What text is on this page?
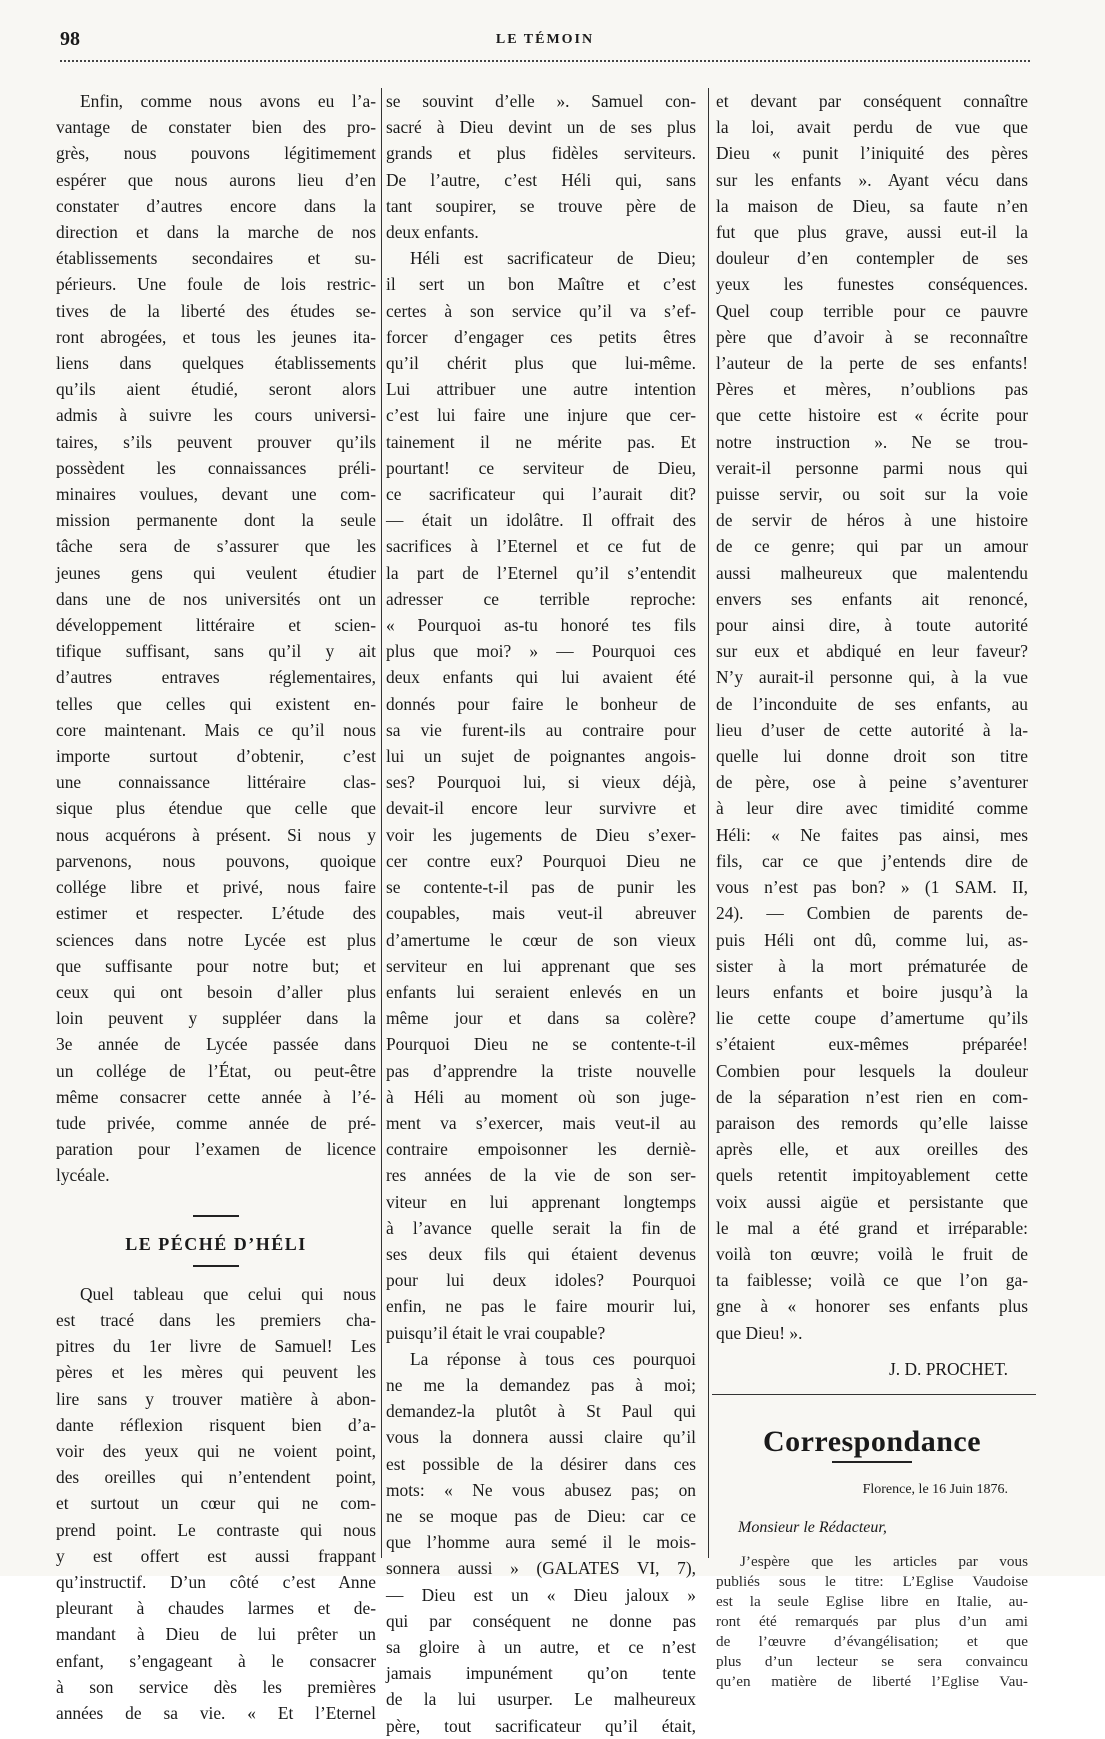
98	LE TÉMOIN
Enfin, comme nous avons eu l’a-
vantage de constater bien des pro-
grès, nous pouvons légitimement
espérer que nous aurons lieu d’en
constater d’autres encore dans la
direction et dans la marche de nos
établissements secondaires et su-
périeurs. Une foule de lois restric-
tives de la liberté des études se-
ront abrogées, et tous les jeunes ita-
liens dans quelques établissements
qu’ils aient étudié, seront alors
admis à suivre les cours universi-
taires, s’ils peuvent prouver qu’ils
possèdent les connaissances préli-
minaires voulues, devant une com-
mission permanente dont la seule
tâche sera de s’assurer que les
jeunes gens qui veulent étudier
dans une de nos universités ont un
développement littéraire et scien-
tifique suffisant, sans qu’il y ait
d’autres entraves réglementaires,
telles que celles qui existent en-
core maintenant. Mais ce qu’il nous
importe surtout d’obtenir, c’est
une connaissance littéraire clas-
sique plus étendue que celle que
nous acquérons à présent. Si nous y
parvenons, nous pouvons, quoique
collége libre et privé, nous faire
estimer et respecter. L’étude des
sciences dans notre Lycée est plus
que suffisante pour notre but; et
ceux qui ont besoin d’aller plus
loin peuvent y suppléer dans la
3e année de Lycée passée dans
un collége de l’État, ou peut-être
même consacrer cette année à l’é-
tude privée, comme année de pré-
paration pour l’examen de licence
lycéale.
LE PÉCHÉ D’HÉLI
Quel tableau que celui qui nous
est tracé dans les premiers cha-
pitres du 1er livre de Samuel! Les
pères et les mères qui peuvent les
lire sans y trouver matière à abon-
dante réflexion risquent bien d’a-
voir des yeux qui ne voient point,
des oreilles qui n’entendent point,
et surtout un cœur qui ne com-
prend point. Le contraste qui nous
y est offert est aussi frappant
qu’instructif. D’un côté c’est Anne
pleurant à chaudes larmes et de-
mandant à Dieu de lui prêter un
enfant, s’engageant à le consacrer
à son service dès les premières
années de sa vie. « Et l’Eternel
se souvint d’elle ». Samuel con-
sacré à Dieu devint un de ses plus
grands et plus fidèles serviteurs.
De l’autre, c’est Héli qui, sans
tant soupirer, se trouve père de
deux enfants.
Héli est sacrificateur de Dieu;
il sert un bon Maître et c’est
certes à son service qu’il va s’ef-
forcer d’engager ces petits êtres
qu’il chérit plus que lui-même.
Lui attribuer une autre intention
c’est lui faire une injure que cer-
tainement il ne mérite pas. Et
pourtant! ce serviteur de Dieu,
ce sacrificateur qui l’aurait dit?
— était un idolâtre. Il offrait des
sacrifices à l’Eternel et ce fut de
la part de l’Eternel qu’il s’entendit
adresser ce terrible reproche:
« Pourquoi as-tu honoré tes fils
plus que moi? » — Pourquoi ces
deux enfants qui lui avaient été
donnés pour faire le bonheur de
sa vie furent-ils au contraire pour
lui un sujet de poignantes angois-
ses? Pourquoi lui, si vieux déjà,
devait-il encore leur survivre et
voir les jugements de Dieu s’exer-
cer contre eux? Pourquoi Dieu ne
se contente-t-il pas de punir les
coupables, mais veut-il abreuver
d’amertume le cœur de son vieux
serviteur en lui apprenant que ses
enfants lui seraient enlevés en un
même jour et dans sa colère?
Pourquoi Dieu ne se contente-t-il
pas d’apprendre la triste nouvelle
à Héli au moment où son juge-
ment va s’exercer, mais veut-il au
contraire empoisonner les derniè-
res années de la vie de son ser-
viteur en lui apprenant longtemps
à l’avance quelle serait la fin de
ses deux fils qui étaient devenus
pour lui deux idoles? Pourquoi
enfin, ne pas le faire mourir lui,
puisqu’il était le vrai coupable?
La réponse à tous ces pourquoi
ne me la demandez pas à moi;
demandez-la plutôt à St Paul qui
vous la donnera aussi claire qu’il
est possible de la désirer dans ces
mots: « Ne vous abusez pas; on
ne se moque pas de Dieu: car ce
que l’homme aura semé il le mois-
sonnera aussi » (GALATES VI, 7),
— Dieu est un « Dieu jaloux »
qui par conséquent ne donne pas
sa gloire à un autre, et ce n’est
jamais impunément qu’on tente
de la lui usurper. Le malheureux
père, tout sacrificateur qu’il était,
et devant par conséquent connaître
la loi, avait perdu de vue que
Dieu « punit l’iniquité des pères
sur les enfants ». Ayant vécu dans
la maison de Dieu, sa faute n’en
fut que plus grave, aussi eut-il la
douleur d’en contempler de ses
yeux les funestes conséquences.
Quel coup terrible pour ce pauvre
père que d’avoir à se reconnaître
l’auteur de la perte de ses enfants!
Pères et mères, n’oublions pas
que cette histoire est « écrite pour
notre instruction ». Ne se trou-
verait-il personne parmi nous qui
puisse servir, ou soit sur la voie
de servir de héros à une histoire
de ce genre; qui par un amour
aussi malheureux que malentendu
envers ses enfants ait renoncé,
pour ainsi dire, à toute autorité
sur eux et abdiqué en leur faveur?
N’y aurait-il personne qui, à la vue
de l’inconduite de ses enfants, au
lieu d’user de cette autorité à la-
quelle lui donne droit son titre
de père, ose à peine s’aventurer
à leur dire avec timidité comme
Héli: « Ne faites pas ainsi, mes
fils, car ce que j’entends dire de
vous n’est pas bon? » (1 SAM. II,
24). — Combien de parents de-
puis Héli ont dû, comme lui, as-
sister à la mort prématurée de
leurs enfants et boire jusqu’à la
lie cette coupe d’amertume qu’ils
s’étaient eux-mêmes préparée!
Combien pour lesquels la douleur
de la séparation n’est rien en com-
paraison des remords qu’elle laisse
après elle, et aux oreilles des
quels retentit impitoyablement cette
voix aussi aigüe et persistante que
le mal a été grand et irréparable:
voilà ton œuvre; voilà le fruit de
ta faiblesse; voilà ce que l’on ga-
gne à « honorer ses enfants plus
que Dieu! ».
J. D. PROCHET.
Correspondance
Florence, le 16 Juin 1876.
Monsieur le Rédacteur,
J’espère que les articles par vous
publiés sous le titre: L’Eglise Vaudoise
est la seule Eglise libre en Italie, au-
ront été remarqués par plus d’un ami
de l’œuvre d’évangélisation; et que
plus d’un lecteur se sera convaincu
qu’en matière de liberté l’Eglise Vau-
